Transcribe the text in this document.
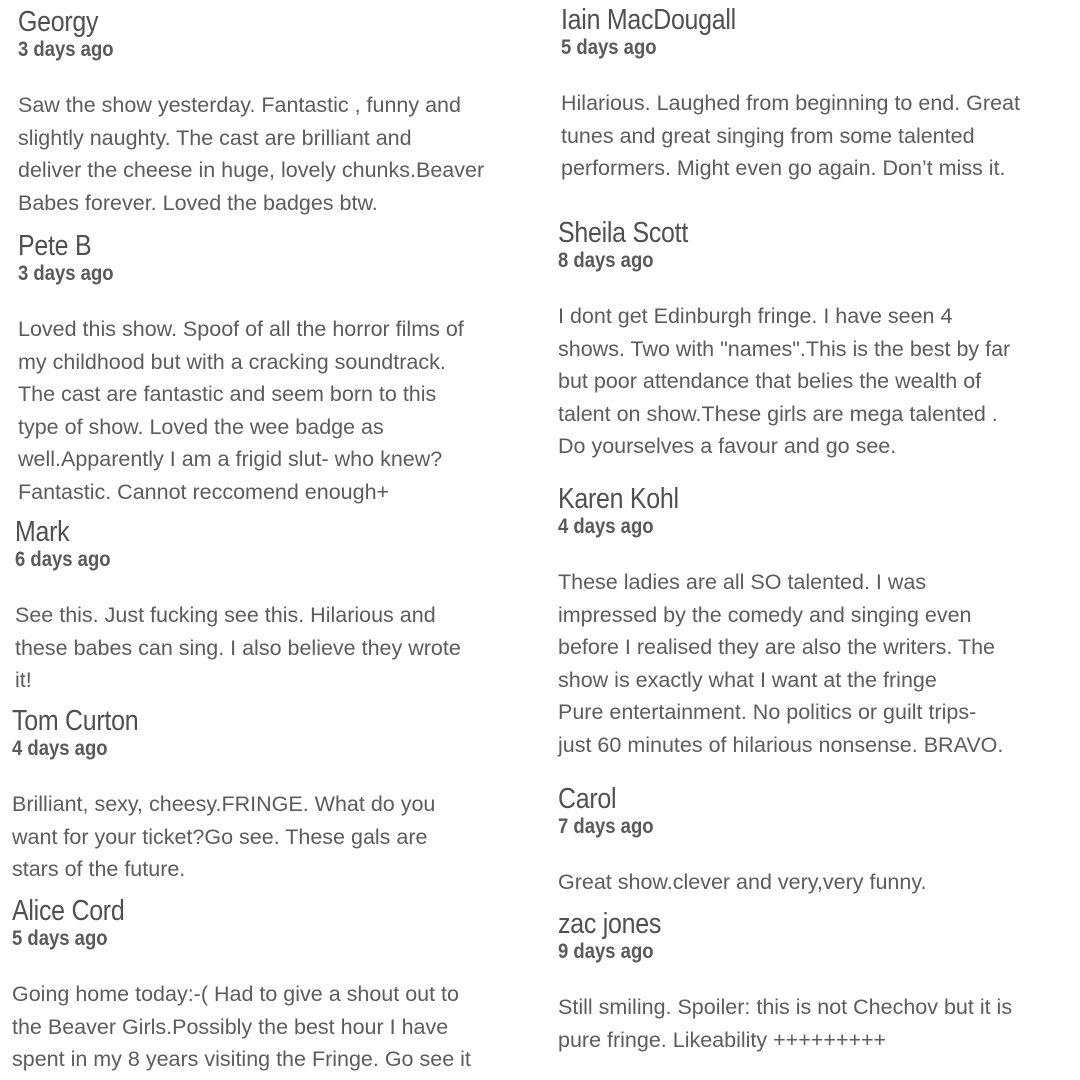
Georgy
3 days ago
Saw the show yesterday. Fantastic , funny and
slightly naughty. The cast are brilliant and
deliver the cheese in huge, lovely chunks.Beaver
Babes forever. Loved the badges btw.
Pete B
3 days ago
Loved this show. Spoof of all the horror films of
my childhood but with a cracking soundtrack.
The cast are fantastic and seem born to this
type of show. Loved the wee badge as
well.Apparently I am a frigid slut- who knew?
Fantastic. Cannot reccomend enough+
Mark
6 days ago
See this. Just fucking see this. Hilarious and
these babes can sing. I also believe they wrote
it!
Tom Curton
4 days ago
Brilliant, sexy, cheesy.FRINGE. What do you
want for your ticket?Go see. These gals are
stars of the future.
Alice Cord
5 days ago
Going home today:-( Had to give a shout out to
the Beaver Girls.Possibly the best hour I have
spent in my 8 years visiting the Fringe. Go see it
Iain MacDougall
5 days ago
Hilarious. Laughed from beginning to end. Great
tunes and great singing from some talented
performers. Might even go again. Don’t miss it.
Sheila Scott
8 days ago
I dont get Edinburgh fringe. I have seen 4
shows. Two with "names".This is the best by far
but poor attendance that belies the wealth of
talent on show.These girls are mega talented .
Do yourselves a favour and go see.
Karen Kohl
4 days ago
These ladies are all SO talented. I was
impressed by the comedy and singing even
before I realised they are also the writers. The
show is exactly what I want at the fringe
Pure entertainment. No politics or guilt trips-
just 60 minutes of hilarious nonsense. BRAVO.
Carol
7 days ago
Great show.clever and very,very funny.
zac jones
9 days ago
Still smiling. Spoiler: this is not Chechov but it is
pure fringe. Likeability +++++++++
